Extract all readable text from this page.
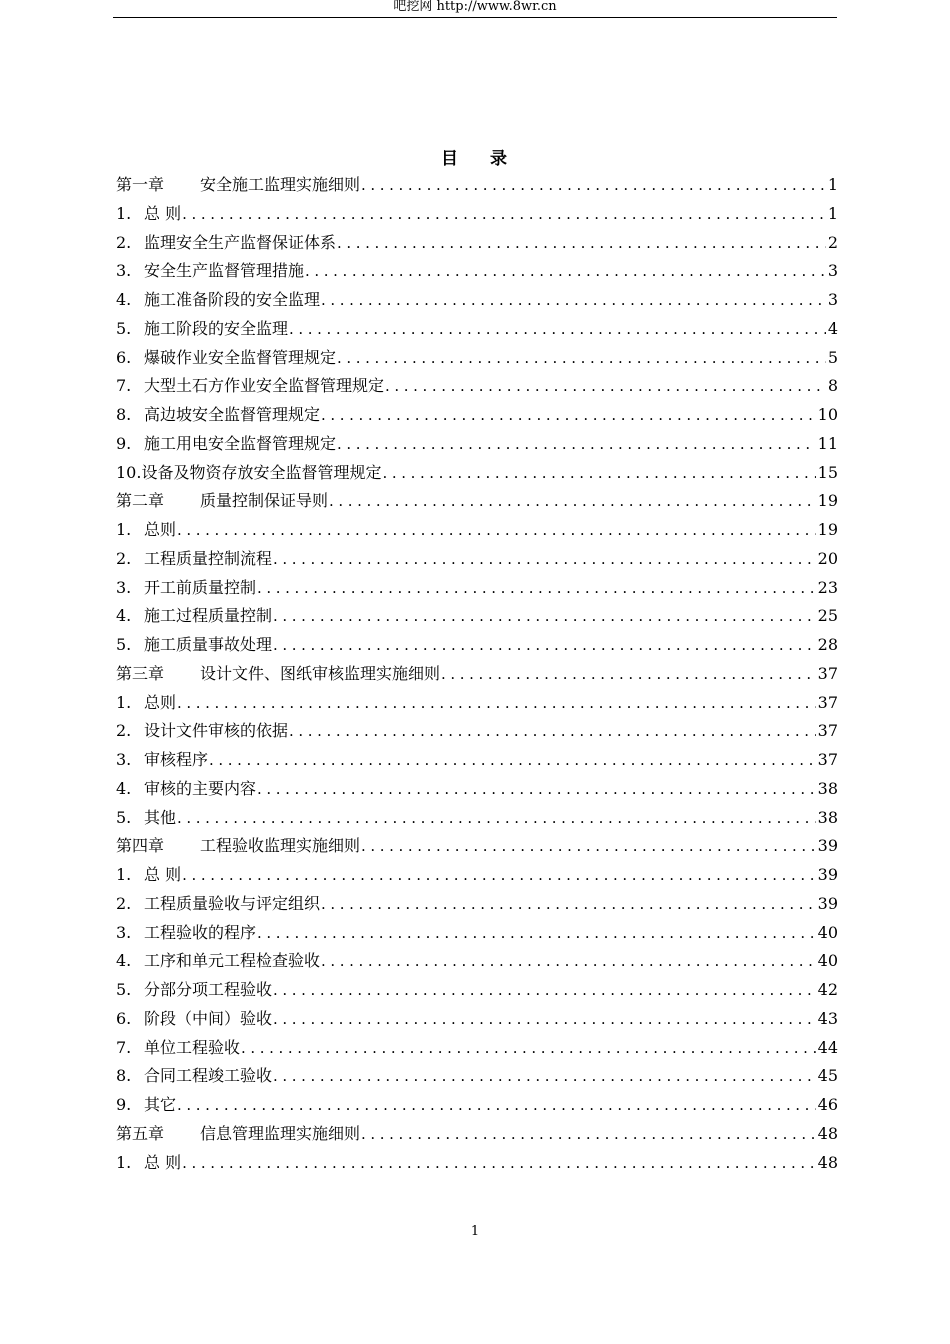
吧挖网 http://www.8wr.cn
目 录
第一章	安全施工监理实施细则 .....	1
1. 总 则 .....	1
2. 监理安全生产监督保证体系 .....	2
3. 安全生产监督管理措施 .....	3
4. 施工准备阶段的安全监理 .....	3
5. 施工阶段的安全监理 .....	4
6. 爆破作业安全监督管理规定 .....	5
7. 大型土石方作业安全监督管理规定 .....	8
8. 高边坡安全监督管理规定 .....	10
9. 施工用电安全监督管理规定 .....	11
10. 设备及物资存放安全监督管理规定 .....	15
第二章	质量控制保证导则 .....	19
1. 总则 .....	19
2. 工程质量控制流程 .....	20
3. 开工前质量控制 .....	23
4. 施工过程质量控制 .....	25
5. 施工质量事故处理 .....	28
第三章	设计文件、图纸审核监理实施细则 .....	37
1. 总则 .....	37
2. 设计文件审核的依据 .....	37
3. 审核程序 .....	37
4. 审核的主要内容 .....	38
5. 其他 .....	38
第四章	工程验收监理实施细则 .....	39
1. 总 则 .....	39
2. 工程质量验收与评定组织 .....	39
3. 工程验收的程序 .....	40
4. 工序和单元工程检查验收 .....	40
5. 分部分项工程验收 .....	42
6. 阶段（中间）验收 .....	43
7. 单位工程验收 .....	44
8. 合同工程竣工验收 .....	45
9. 其它 .....	46
第五章	信息管理监理实施细则 .....	48
1. 总 则 .....	48
1
